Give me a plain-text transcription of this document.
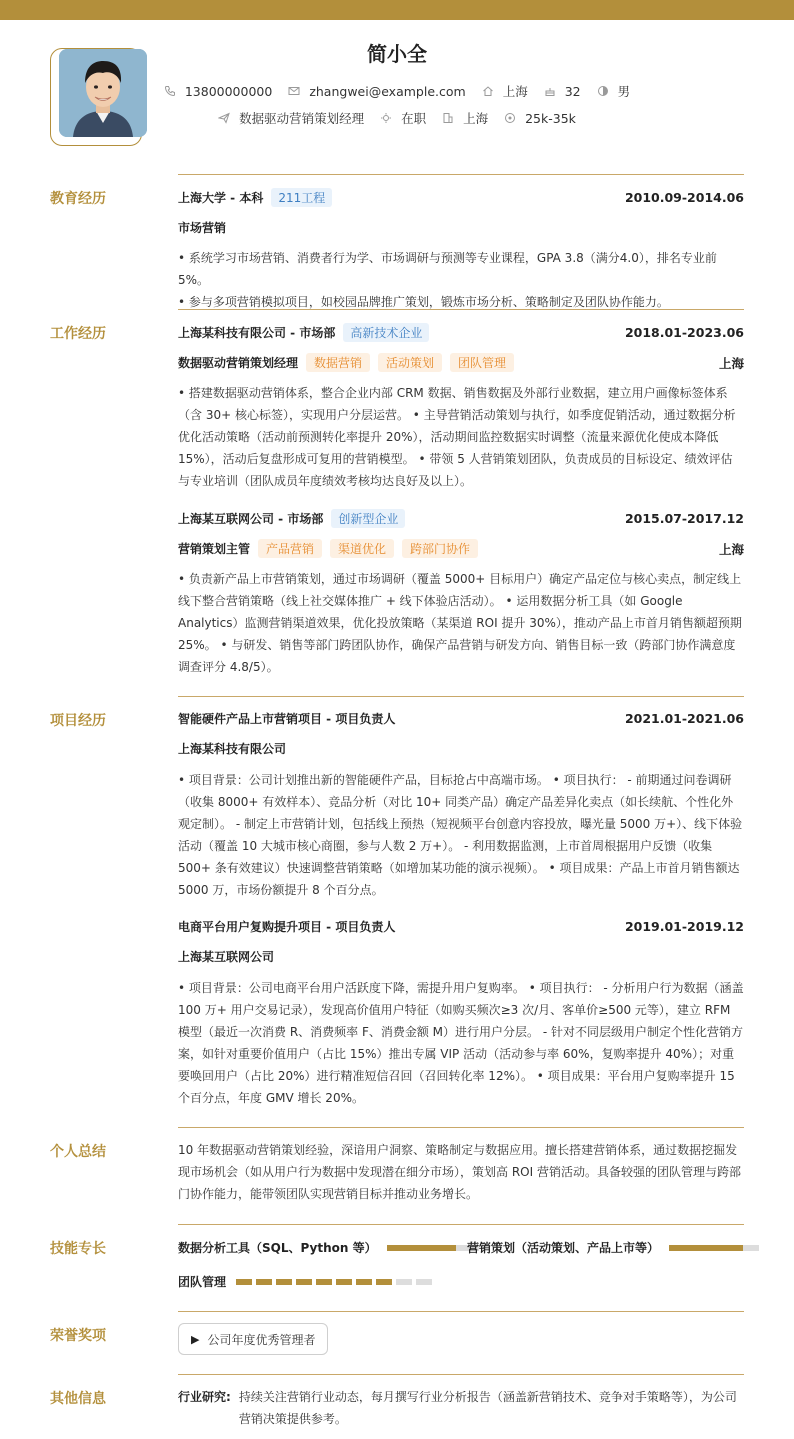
简小全
13800000000	zhangwei@example.com	上海	32	男
数据驱动营销策划经理	在职	上海	25k-35k
教育经历	上海大学 - 本科	211工程	2010.09-2014.06
市场营销
• 系统学习市场营销、消费者行为学、市场调研与预测等专业课程，GPA 3.8（满分4.0），排名专业前5%。
• 参与多项营销模拟项目，如校园品牌推广策划，锻炼市场分析、策略制定及团队协作能力。
工作经历	上海某科技有限公司 - 市场部	高新技术企业	2018.01-2023.06
数据驱动营销策划经理	数据营销	活动策划	团队管理	上海
• 搭建数据驱动营销体系，整合企业内部 CRM 数据、销售数据及外部行业数据，建立用户画像标签体系（含 30+ 核心标签），实现用户分层运营。 • 主导营销活动策划与执行，如季度促销活动，通过数据分析优化活动策略（活动前预测转化率提升 20%），活动期间监控数据实时调整（流量来源优化使成本降低 15%），活动后复盘形成可复用的营销模型。 • 带领 5 人营销策划团队，负责成员的目标设定、绩效评估与专业培训（团队成员年度绩效考核均达良好及以上）。
上海某互联网公司 - 市场部	创新型企业	2015.07-2017.12
营销策划主管	产品营销	渠道优化	跨部门协作	上海
• 负责新产品上市营销策划，通过市场调研（覆盖 5000+ 目标用户）确定产品定位与核心卖点，制定线上线下整合营销策略（线上社交媒体推广 + 线下体验店活动）。 • 运用数据分析工具（如 Google Analytics）监测营销渠道效果，优化投放策略（某渠道 ROI 提升 30%），推动产品上市首月销售额超预期 25%。 • 与研发、销售等部门跨团队协作，确保产品营销与研发方向、销售目标一致（跨部门协作满意度调查评分 4.8/5）。
项目经历	智能硬件产品上市营销项目 - 项目负责人	2021.01-2021.06
上海某科技有限公司
• 项目背景：公司计划推出新的智能硬件产品，目标抢占中高端市场。 • 项目执行： - 前期通过问卷调研（收集 8000+ 有效样本）、竞品分析（对比 10+ 同类产品）确定产品差异化卖点（如长续航、个性化外观定制）。 - 制定上市营销计划，包括线上预热（短视频平台创意内容投放，曝光量 5000 万+）、线下体验活动（覆盖 10 大城市核心商圈，参与人数 2 万+）。 - 利用数据监测，上市首周根据用户反馈（收集 500+ 条有效建议）快速调整营销策略（如增加某功能的演示视频）。 • 项目成果：产品上市首月销售额达 5000 万，市场份额提升 8 个百分点。
电商平台用户复购提升项目 - 项目负责人	2019.01-2019.12
上海某互联网公司
• 项目背景：公司电商平台用户活跃度下降，需提升用户复购率。 • 项目执行： - 分析用户行为数据（涵盖 100 万+ 用户交易记录），发现高价值用户特征（如购买频次≥3 次/月、客单价≥500 元等），建立 RFM 模型（最近一次消费 R、消费频率 F、消费金额 M）进行用户分层。 - 针对不同层级用户制定个性化营销方案，如针对重要价值用户（占比 15%）推出专属 VIP 活动（活动参与率 60%，复购率提升 40%）；对重要唤回用户（占比 20%）进行精准短信召回（召回转化率 12%）。 • 项目成果：平台用户复购率提升 15 个百分点，年度 GMV 增长 20%。
个人总结	10 年数据驱动营销策划经验，深谙用户洞察、策略制定与数据应用。擅长搭建营销体系，通过数据挖掘发现市场机会（如从用户行为数据中发现潜在细分市场），策划高 ROI 营销活动。具备较强的团队管理与跨部门协作能力，能带领团队实现营销目标并推动业务增长。
技能专长	数据分析工具（SQL、Python 等）	营销策划（活动策划、产品上市等）
团队管理
荣誉奖项	▶ 公司年度优秀管理者
其他信息	行业研究: 持续关注营销行业动态，每月撰写行业分析报告（涵盖新营销技术、竞争对手策略等），为公司营销决策提供参考。
